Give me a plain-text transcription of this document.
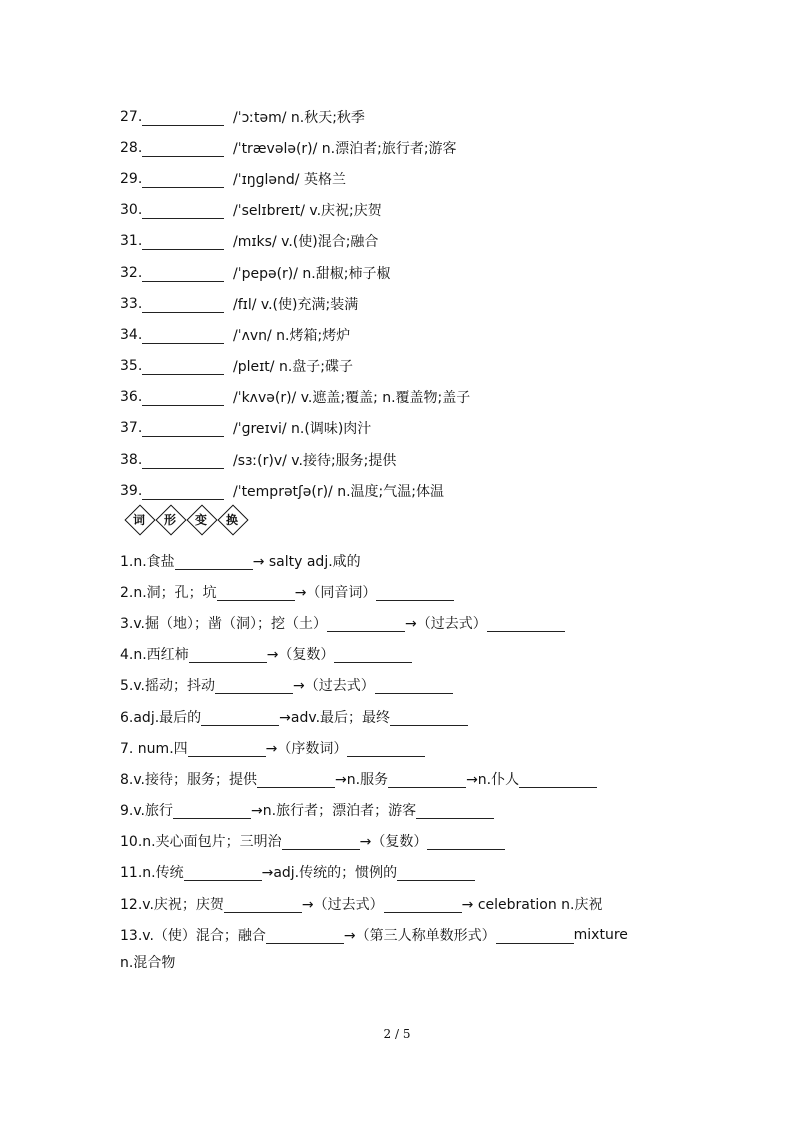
27.	/ˈɔːtəm/ n.秋天;秋季
28.	/ˈtrævələ(r)/ n.漂泊者;旅行者;游客
29.	/ˈɪŋɡlənd/ 英格兰
30.	/ˈselɪbreɪt/ v.庆祝;庆贺
31.	/mɪks/ v.(使)混合;融合
32.	/ˈpepə(r)/ n.甜椒;柿子椒
33.	/fɪl/ v.(使)充满;装满
34.	/ˈʌvn/ n.烤箱;烤炉
35.	/pleɪt/ n.盘子;碟子
36.	/ˈkʌvə(r)/ v.遮盖;覆盖; n.覆盖物;盖子
37.	/ˈɡreɪvi/ n.(调味)肉汁
38.	/sɜː(r)v/ v.接待;服务;提供
39.	/ˈtemprətʃə(r)/ n.温度;气温;体温
词	形	变	换
1.n.食盐	→ salty adj.咸的
2.n.洞；孔；坑	→（同音词）
3.v.掘（地）；凿（洞）；挖（土）	→（过去式）
4.n.西红柿	→（复数）
5.v.摇动；抖动	→（过去式）
6.adj.最后的	→adv.最后；最终
7. num.四	→（序数词）
8.v.接待；服务；提供	→n.服务	→n.仆人
9.v.旅行	→n.旅行者；漂泊者；游客
10.n.夹心面包片；三明治	→（复数）
11.n.传统	→adj.传统的；惯例的
12.v.庆祝；庆贺	→（过去式）	→ celebration n.庆祝
13.v.（使）混合；融合	→（第三人称单数形式）	mixture
n.混合物
2 / 5
